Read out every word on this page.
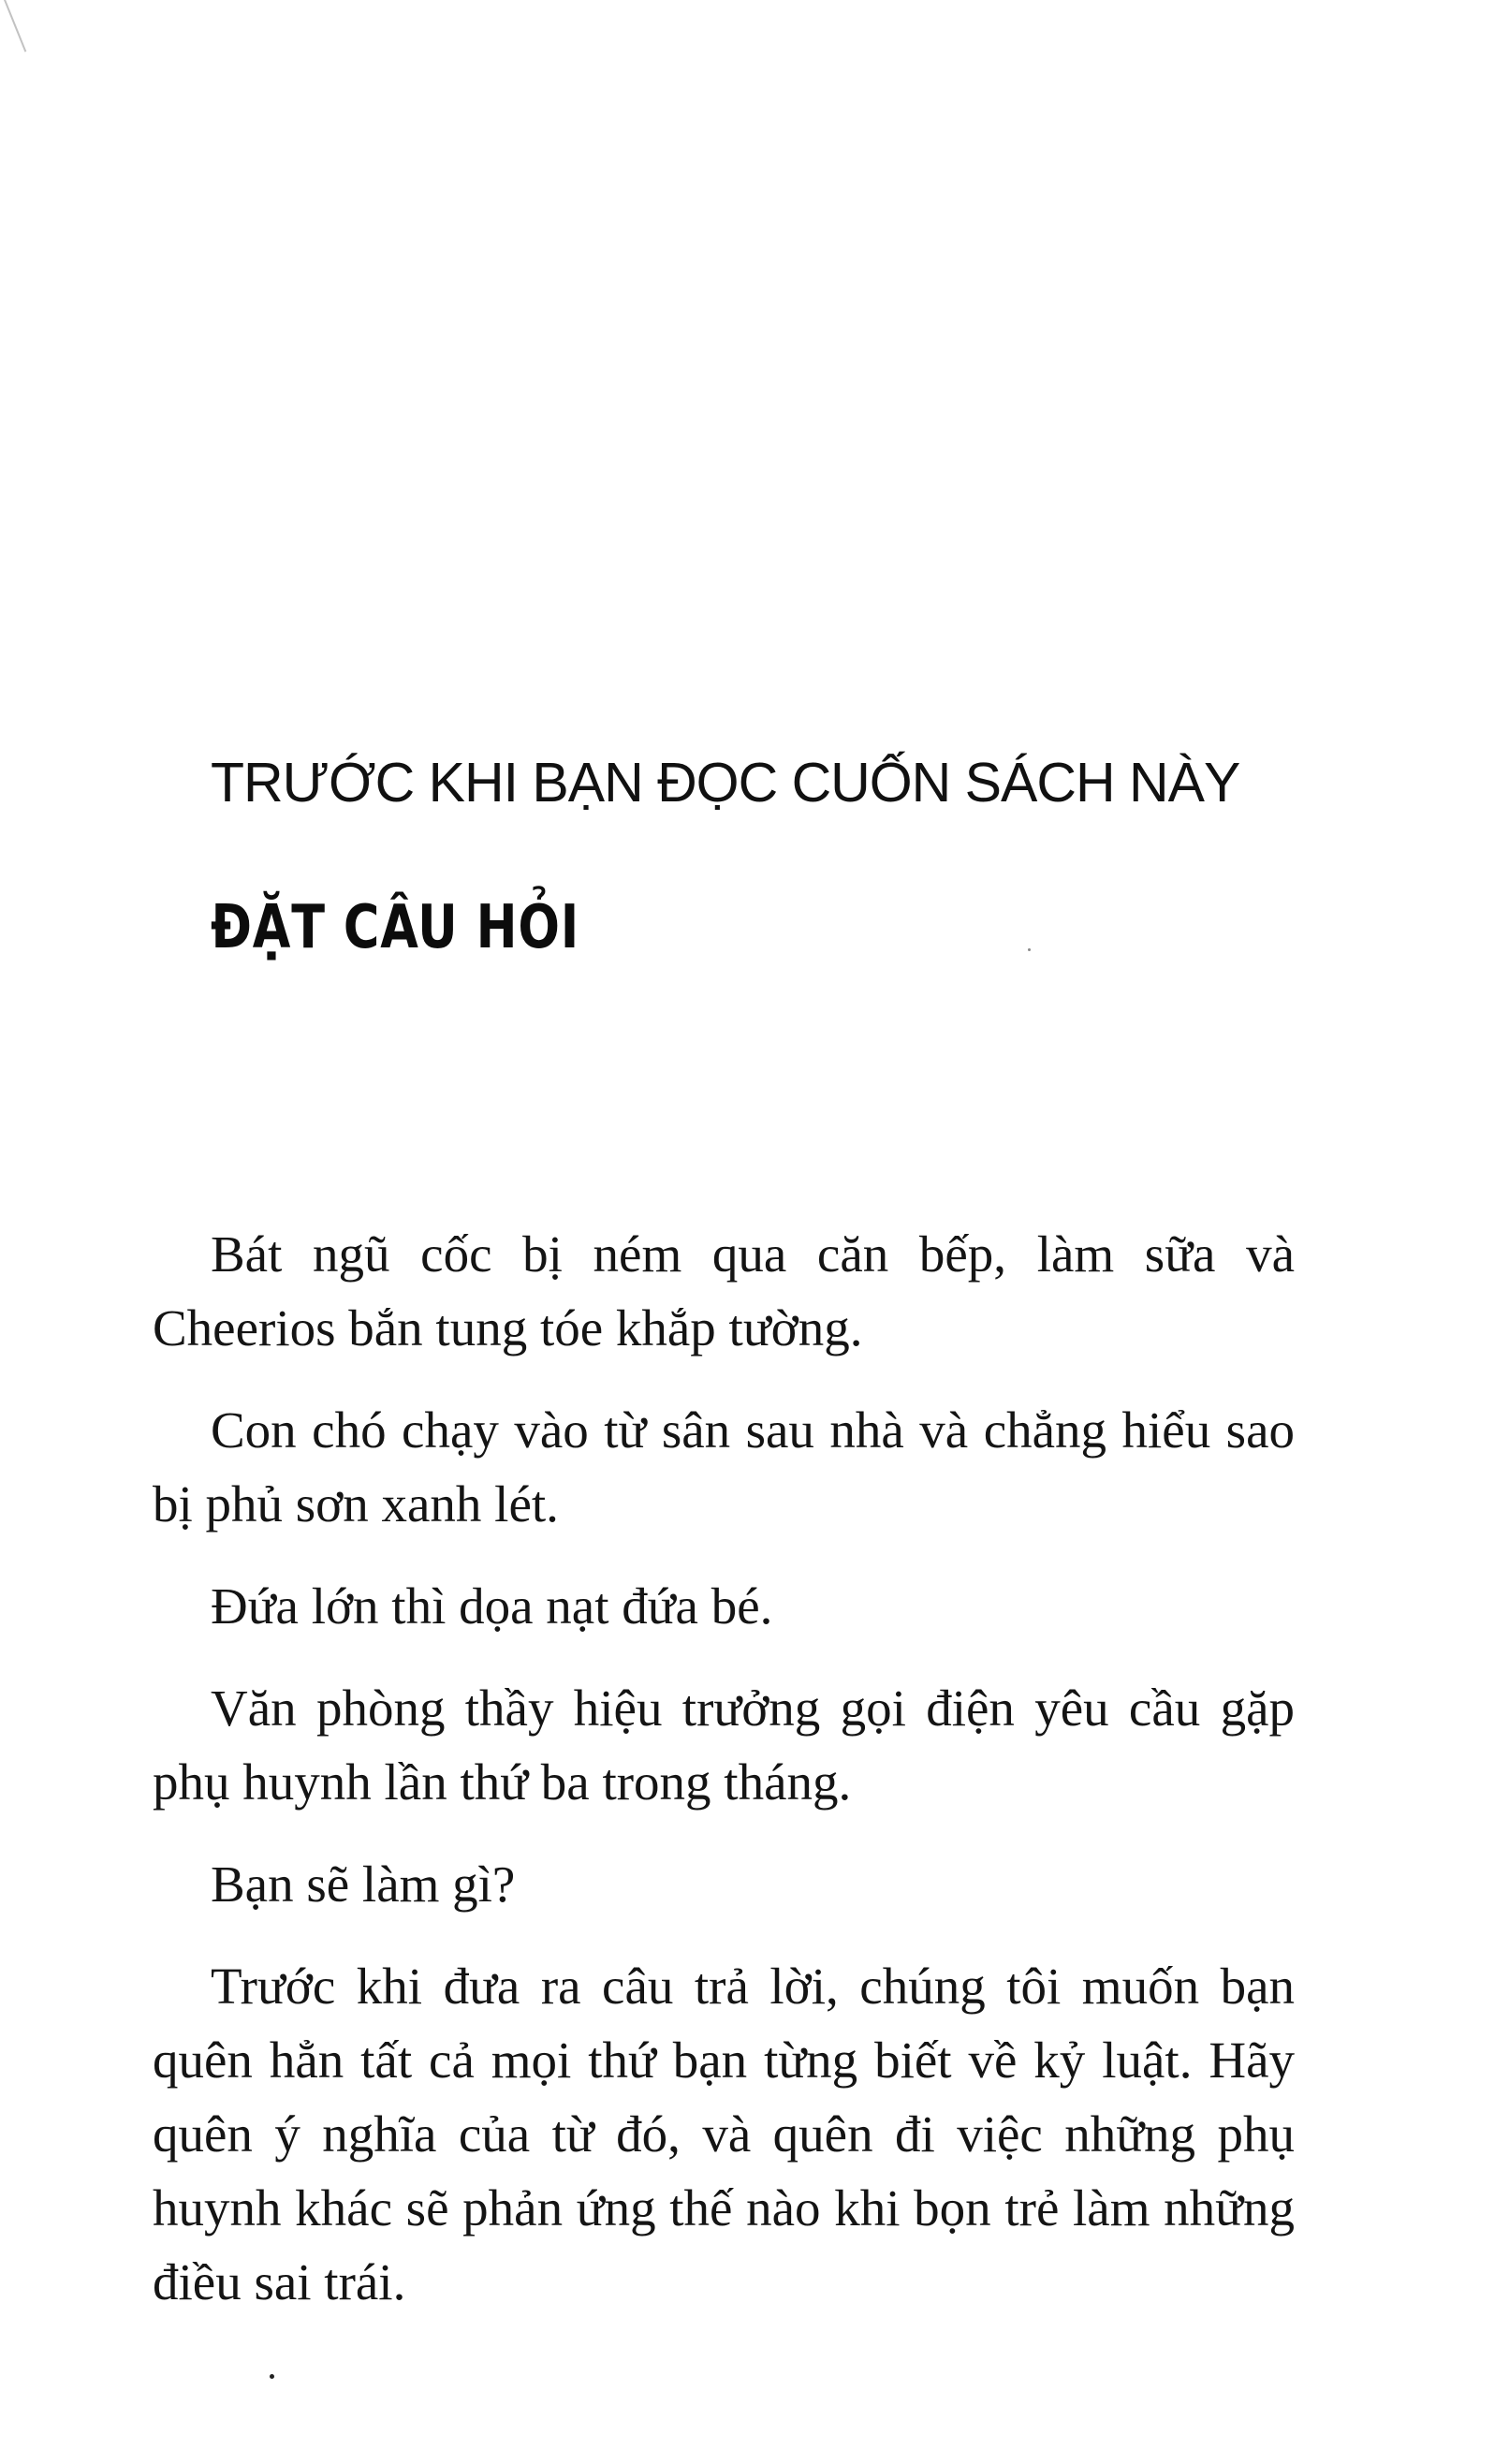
TRƯỚC KHI BẠN ĐỌC CUỐN SÁCH NÀY
ĐẶT CÂU HỎI

Bát ngũ cốc bị ném qua căn bếp, làm sữa và Cheerios bắn tung tóe khắp tường.

Con chó chạy vào từ sân sau nhà và chẳng hiểu sao bị phủ sơn xanh lét.

Đứa lớn thì dọa nạt đứa bé.

Văn phòng thầy hiệu trưởng gọi điện yêu cầu gặp phụ huynh lần thứ ba trong tháng.

Bạn sẽ làm gì?

Trước khi đưa ra câu trả lời, chúng tôi muốn bạn quên hẳn tất cả mọi thứ bạn từng biết về kỷ luật. Hãy quên ý nghĩa của từ đó, và quên đi việc những phụ huynh khác sẽ phản ứng thế nào khi bọn trẻ làm những điều sai trái.
